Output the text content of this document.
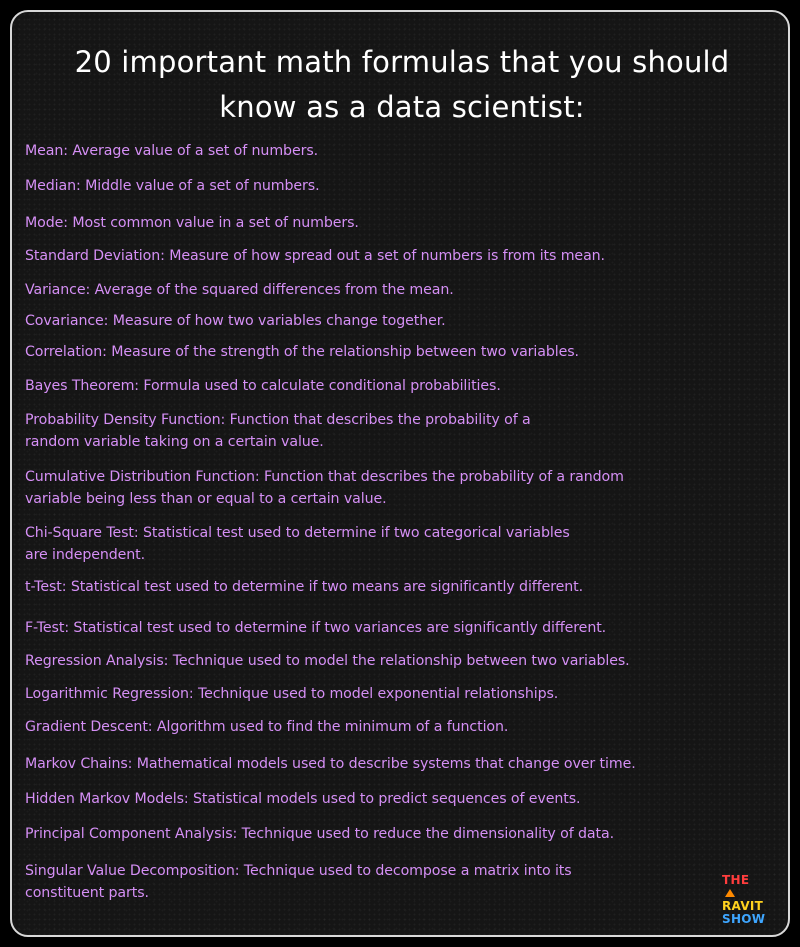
20 important math formulas that you should
know as a data scientist:
Mean: Average value of a set of numbers.
Median: Middle value of a set of numbers.
Mode: Most common value in a set of numbers.
Standard Deviation: Measure of how spread out a set of numbers is from its mean.
Variance: Average of the squared differences from the mean.
Covariance: Measure of how two variables change together.
Correlation: Measure of the strength of the relationship between two variables.
Bayes Theorem: Formula used to calculate conditional probabilities.
Probability Density Function: Function that describes the probability of a
random variable taking on a certain value.
Cumulative Distribution Function: Function that describes the probability of a random
variable being less than or equal to a certain value.
Chi-Square Test: Statistical test used to determine if two categorical variables
are independent.
t-Test: Statistical test used to determine if two means are significantly different.
F-Test: Statistical test used to determine if two variances are significantly different.
Regression Analysis: Technique used to model the relationship between two variables.
Logarithmic Regression: Technique used to model exponential relationships.
Gradient Descent: Algorithm used to find the minimum of a function.
Markov Chains: Mathematical models used to describe systems that change over time.
Hidden Markov Models: Statistical models used to predict sequences of events.
Principal Component Analysis: Technique used to reduce the dimensionality of data.
Singular Value Decomposition: Technique used to decompose a matrix into its
constituent parts.
THE
RAVIT
SHOW
